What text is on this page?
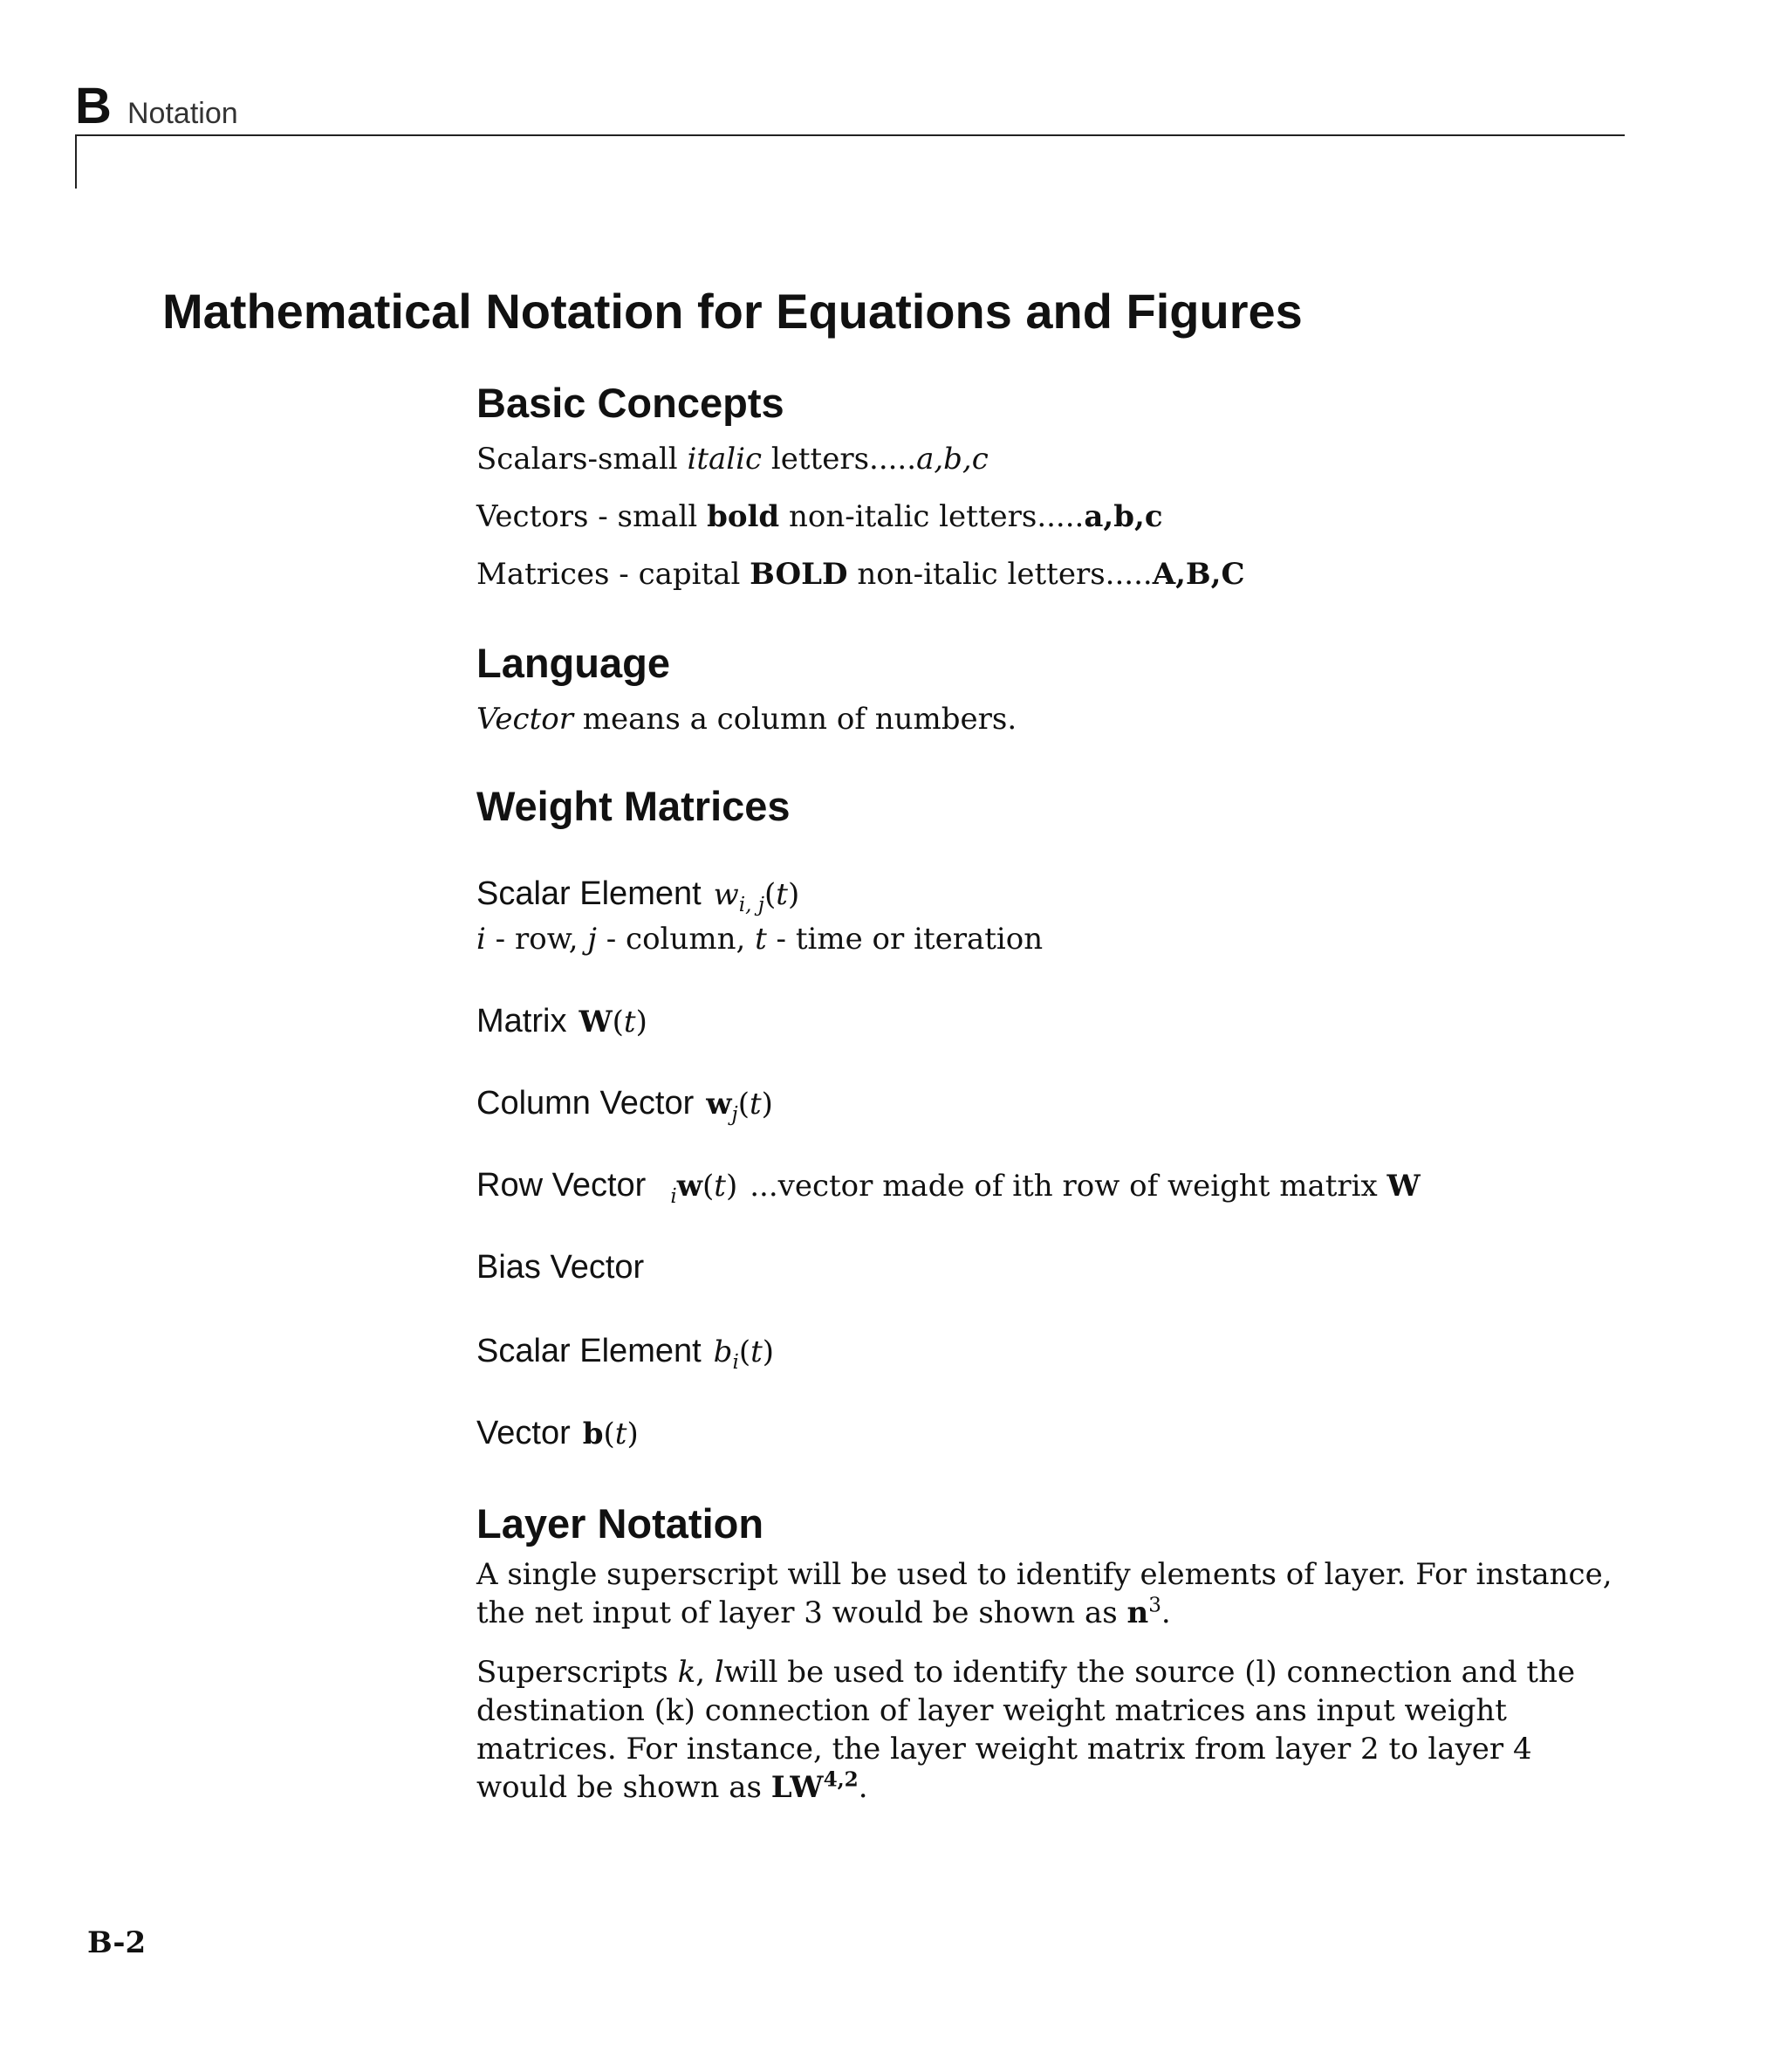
B Notation
Mathematical Notation for Equations and Figures
Basic Concepts
Scalars-small italic letters.....a,b,c
Vectors - small bold non-italic letters.....a,b,c
Matrices - capital BOLD non-italic letters.....A,B,C
Language
Vector means a column of numbers.
Weight Matrices
Scalar Element $w_{i, j}(t)$
i - row, j - column, t - time or iteration
Matrix W(t)
Column Vector $w_j(t)$
Row Vector $_i$w(t) ...vector made of ith row of weight matrix W
Bias Vector
Scalar Element $b_i(t)$
Vector b(t)
Layer Notation
A single superscript will be used to identify elements of layer. For instance, the net input of layer 3 would be shown as $n^3$.
Superscripts k, lwill be used to identify the source (l) connection and the destination (k) connection of layer weight matrices ans input weight matrices. For instance, the layer weight matrix from layer 2 to layer 4 would be shown as LW$^{4,2}$.
B-2
